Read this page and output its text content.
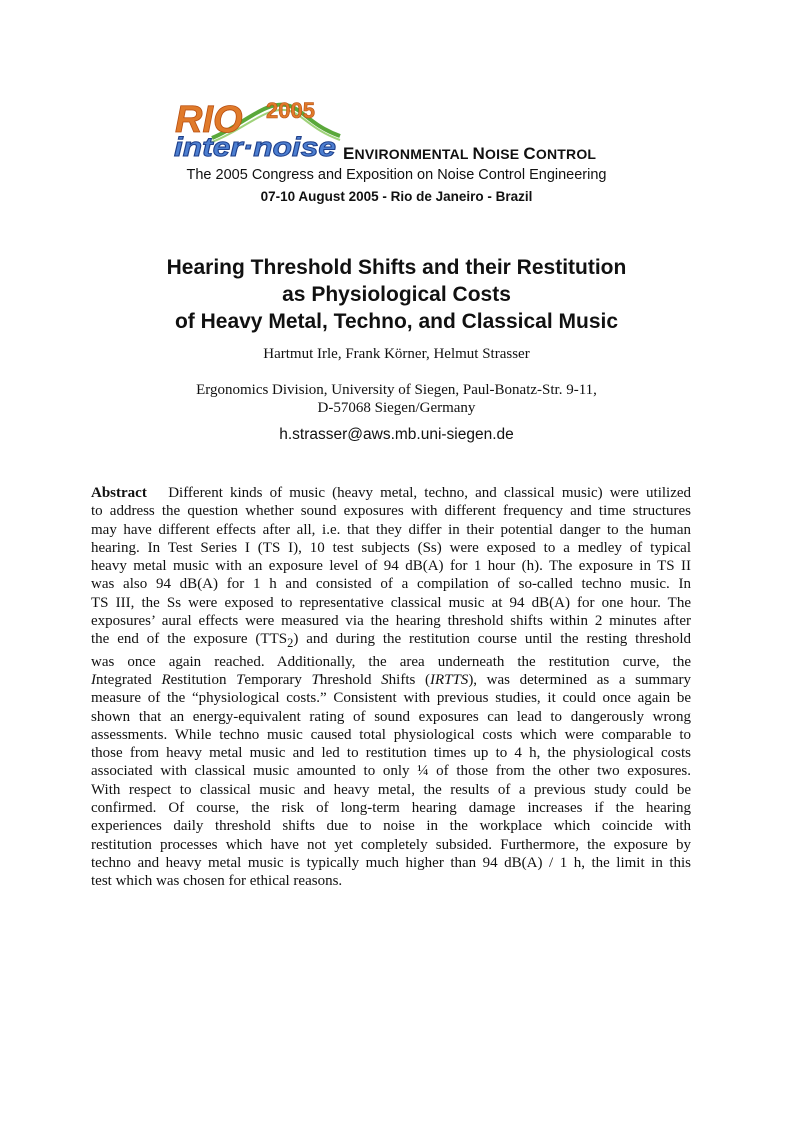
RIO 2005
inter·noise ENVIRONMENTAL NOISE CONTROL
The 2005 Congress and Exposition on Noise Control Engineering
07-10 August 2005 - Rio de Janeiro - Brazil
Hearing Threshold Shifts and their Restitution
as Physiological Costs
of Heavy Metal, Techno, and Classical Music
Hartmut Irle, Frank Körner, Helmut Strasser
Ergonomics Division, University of Siegen, Paul-Bonatz-Str. 9-11,
D-57068 Siegen/Germany
h.strasser@aws.mb.uni-siegen.de
Abstract Different kinds of music (heavy metal, techno, and classical music) were utilized
to address the question whether sound exposures with different frequency and time structures
may have different effects after all, i.e. that they differ in their potential danger to the human
hearing. In Test Series I (TS I), 10 test subjects (Ss) were exposed to a medley of typical
heavy metal music with an exposure level of 94 dB(A) for 1 hour (h). The exposure in TS II
was also 94 dB(A) for 1 h and consisted of a compilation of so-called techno music. In
TS III, the Ss were exposed to representative classical music at 94 dB(A) for one hour. The
exposures’ aural effects were measured via the hearing threshold shifts within 2 minutes after
the end of the exposure $(TTS_2)$ and during the restitution course until the resting threshold
was once again reached. Additionally, the area underneath the restitution curve, the
Integrated Restitution Temporary Threshold Shifts (IRTTS), was determined as a summary
measure of the “physiological costs.” Consistent with previous studies, it could once again be
shown that an energy-equivalent rating of sound exposures can lead to dangerously wrong
assessments. While techno music caused total physiological costs which were comparable to
those from heavy metal music and led to restitution times up to 4 h, the physiological costs
associated with classical music amounted to only ¼ of those from the other two exposures.
With respect to classical music and heavy metal, the results of a previous study could be
confirmed. Of course, the risk of long-term hearing damage increases if the hearing
experiences daily threshold shifts due to noise in the workplace which coincide with
restitution processes which have not yet completely subsided. Furthermore, the exposure by
techno and heavy metal music is typically much higher than 94 dB(A) / 1 h, the limit in this
test which was chosen for ethical reasons.
